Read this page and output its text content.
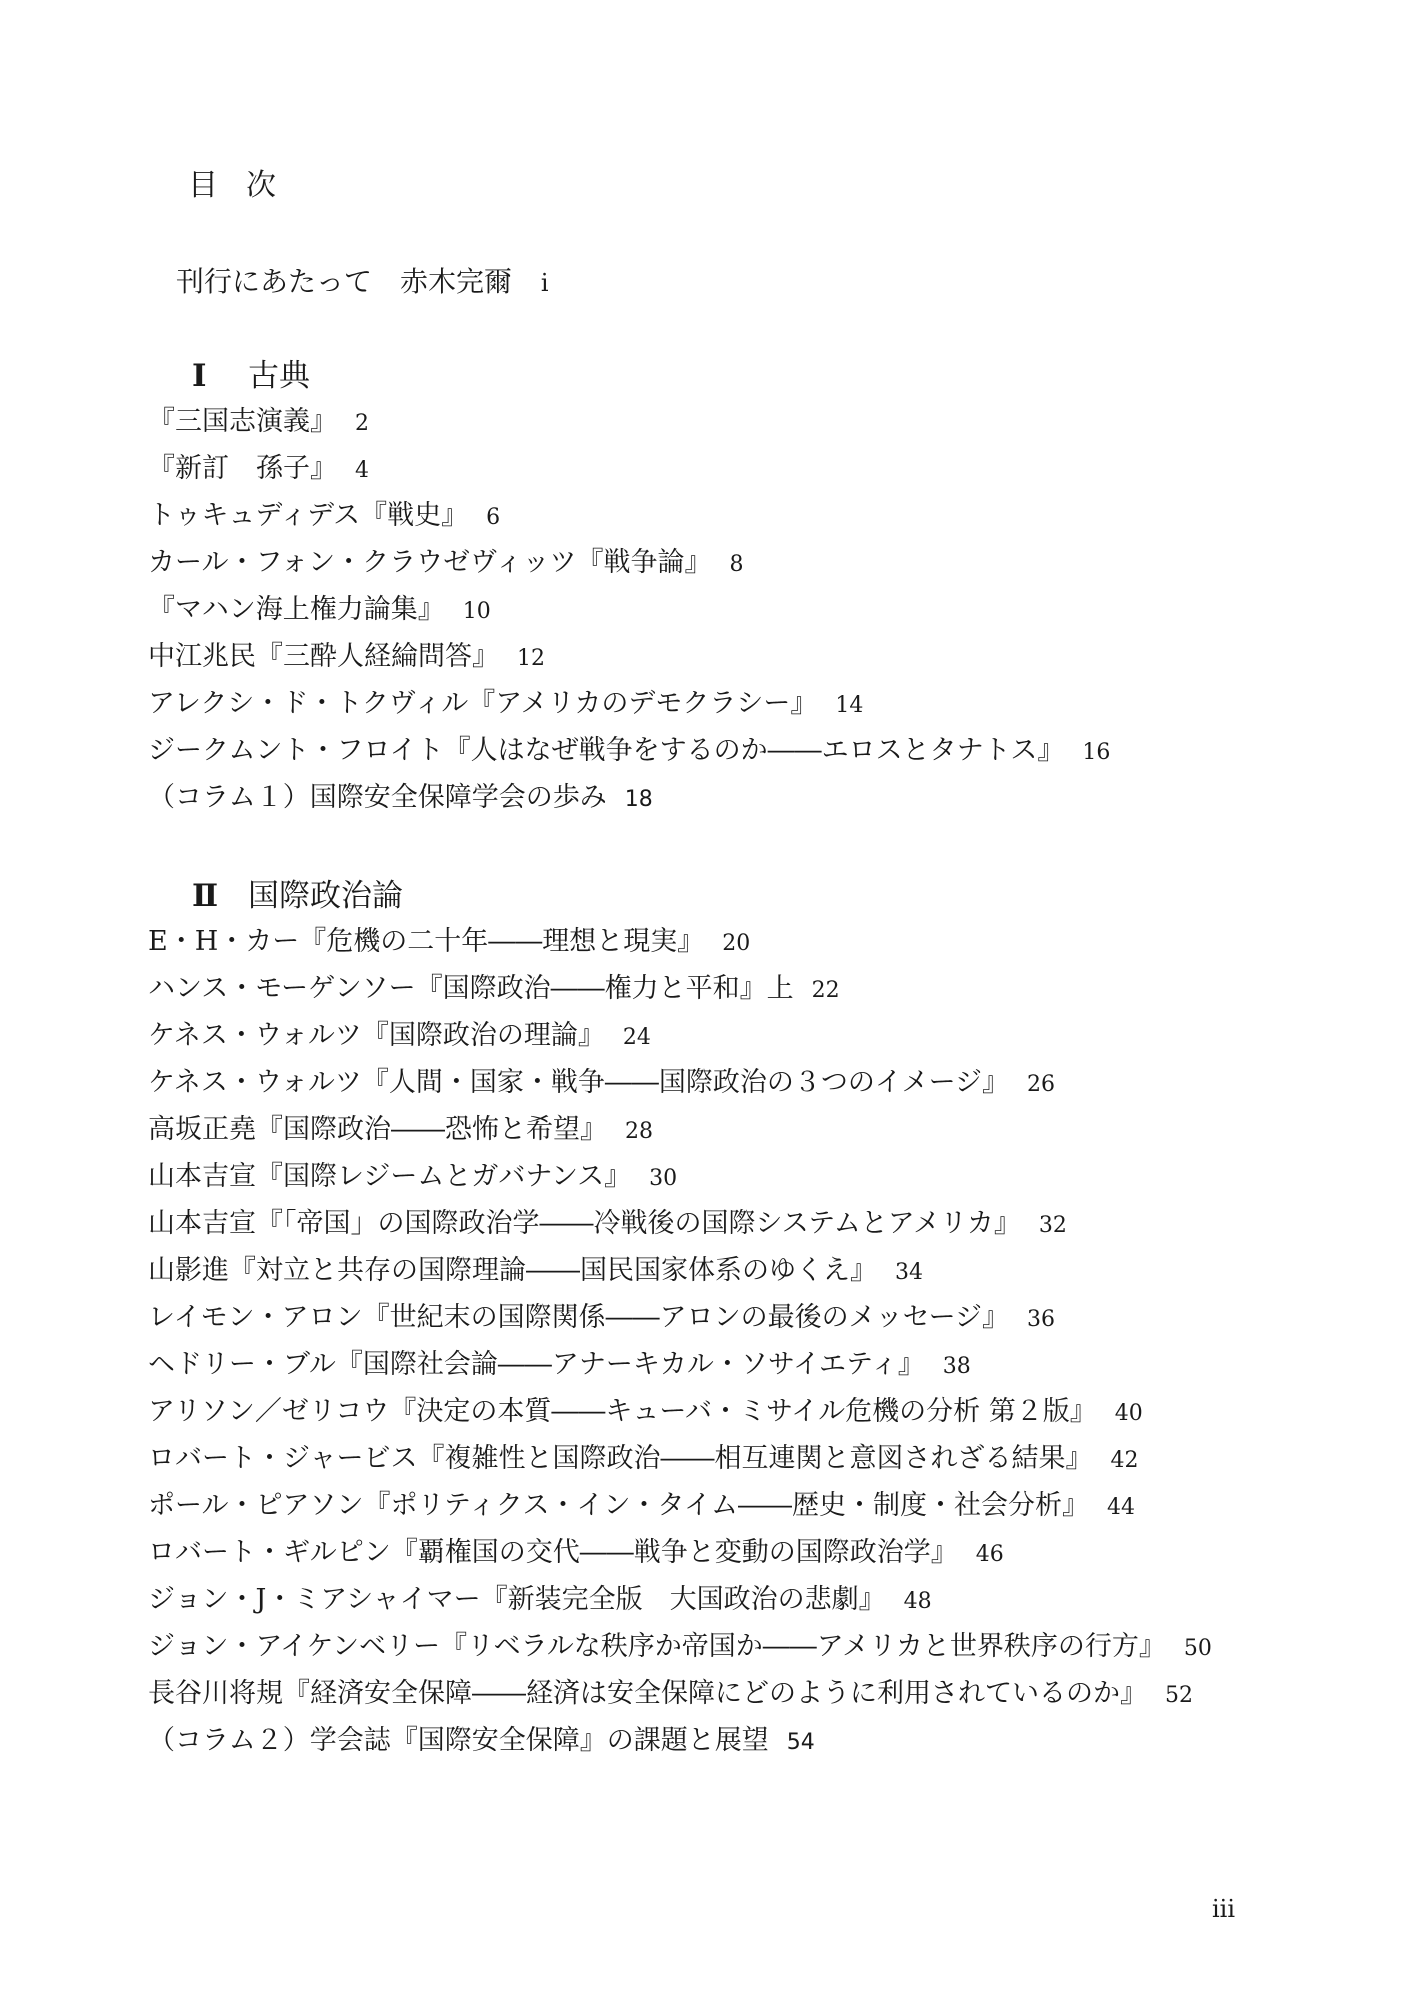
目次
刊行にあたって　赤木完爾 i
Ⅰ 古典
『三国志演義』 2
『新訂　孫子』 4
トゥキュディデス『戦史』 6
カール・フォン・クラウゼヴィッツ『戦争論』 8
『マハン海上権力論集』 10
中江兆民『三酔人経綸問答』 12
アレクシ・ド・トクヴィル『アメリカのデモクラシー』 14
ジークムント・フロイト『人はなぜ戦争をするのか――エロスとタナトス』 16
（コラム１）国際安全保障学会の歩み 18
Ⅱ 国際政治論
E・H・カー『危機の二十年――理想と現実』 20
ハンス・モーゲンソー『国際政治――権力と平和』上 22
ケネス・ウォルツ『国際政治の理論』 24
ケネス・ウォルツ『人間・国家・戦争――国際政治の３つのイメージ』 26
高坂正堯『国際政治――恐怖と希望』 28
山本吉宣『国際レジームとガバナンス』 30
山本吉宣『「帝国」の国際政治学――冷戦後の国際システムとアメリカ』 32
山影進『対立と共存の国際理論――国民国家体系のゆくえ』 34
レイモン・アロン『世紀末の国際関係――アロンの最後のメッセージ』 36
ヘドリー・ブル『国際社会論――アナーキカル・ソサイエティ』 38
アリソン／ゼリコウ『決定の本質――キューバ・ミサイル危機の分析 第２版』 40
ロバート・ジャービス『複雑性と国際政治――相互連関と意図されざる結果』 42
ポール・ピアソン『ポリティクス・イン・タイム――歴史・制度・社会分析』 44
ロバート・ギルピン『覇権国の交代――戦争と変動の国際政治学』 46
ジョン・J・ミアシャイマー『新装完全版　大国政治の悲劇』 48
ジョン・アイケンベリー『リベラルな秩序か帝国か――アメリカと世界秩序の行方』 50
長谷川将規『経済安全保障――経済は安全保障にどのように利用されているのか』 52
（コラム２）学会誌『国際安全保障』の課題と展望 54
iii
